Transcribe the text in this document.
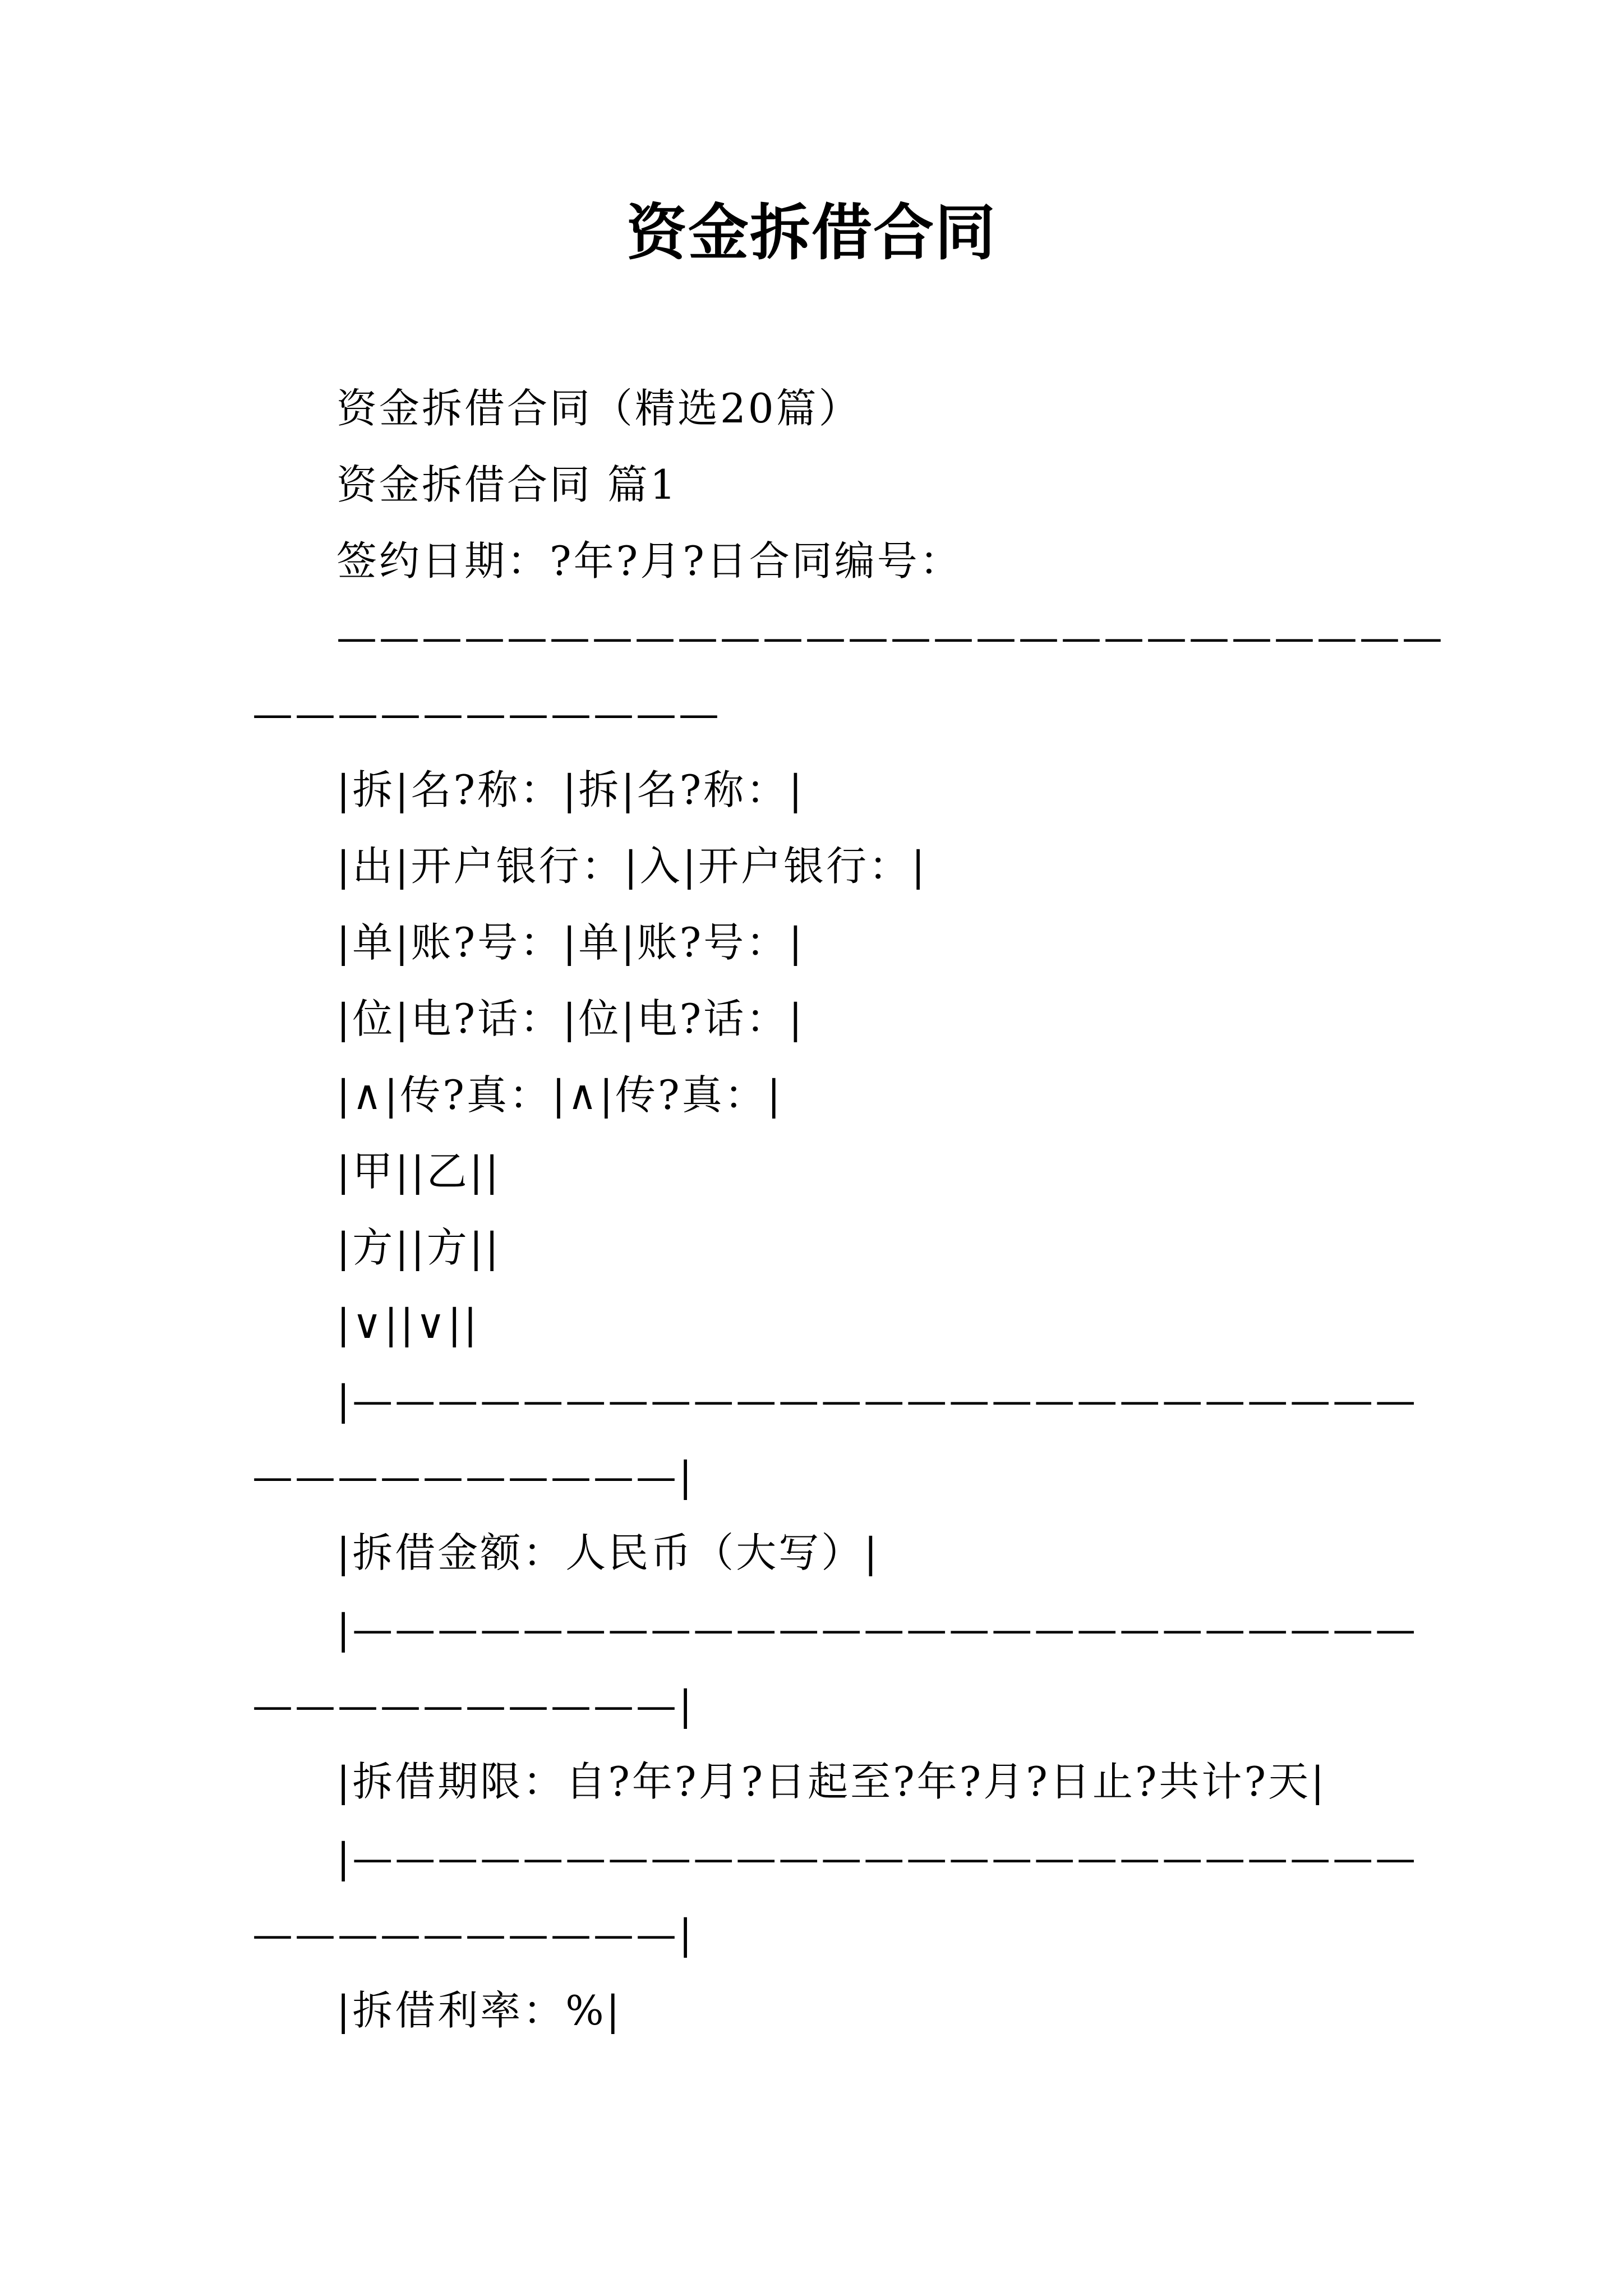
资金拆借合同
资金拆借合同（精选20篇）
资金拆借合同 篇1
签约日期：?年?月?日合同编号：
——————————————————————————
———————————
|拆|名?称：|拆|名?称：|
|出|开户银行：|入|开户银行：|
|单|账?号：|单|账?号：|
|位|电?话：|位|电?话：|
|∧|传?真：|∧|传?真：|
|甲||乙||
|方||方||
|∨||∨||
|—————————————————————————
——————————|
|拆借金额：人民币（大写）|
|—————————————————————————
——————————|
|拆借期限：自?年?月?日起至?年?月?日止?共计?天|
|—————————————————————————
——————————|
|拆借利率：%|
